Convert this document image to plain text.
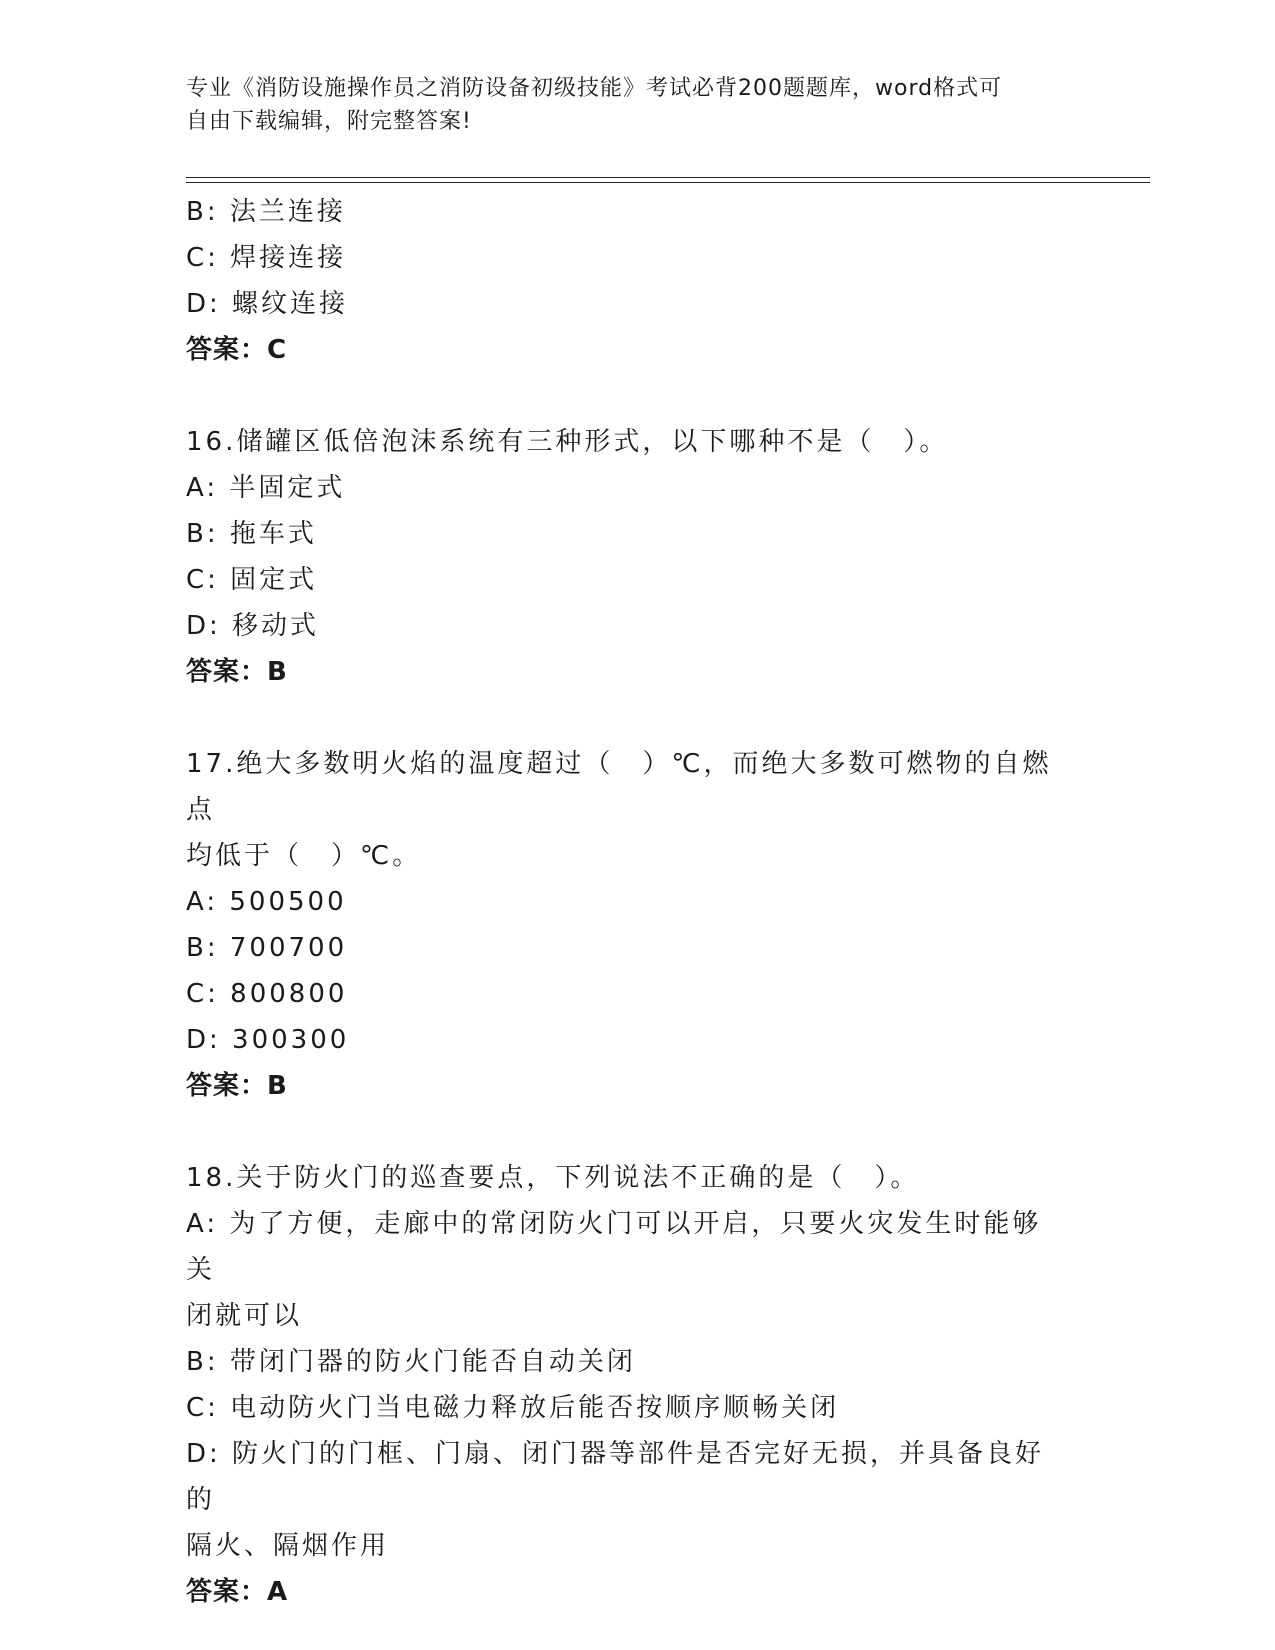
专业《消防设施操作员之消防设备初级技能》考试必背200题题库，word格式可
自由下载编辑，附完整答案!
B: 法兰连接
C: 焊接连接
D: 螺纹连接
答案：C
16.储罐区低倍泡沫系统有三种形式，以下哪种不是（　）。
A: 半固定式
B: 拖车式
C: 固定式
D: 移动式
答案：B
17.绝大多数明火焰的温度超过（　）℃，而绝大多数可燃物的自燃点
均低于（　）℃。
A: 500500
B: 700700
C: 800800
D: 300300
答案：B
18.关于防火门的巡查要点，下列说法不正确的是（　）。
A: 为了方便，走廊中的常闭防火门可以开启，只要火灾发生时能够关
闭就可以
B: 带闭门器的防火门能否自动关闭
C: 电动防火门当电磁力释放后能否按顺序顺畅关闭
D: 防火门的门框、门扇、闭门器等部件是否完好无损，并具备良好的
隔火、隔烟作用
答案：A
